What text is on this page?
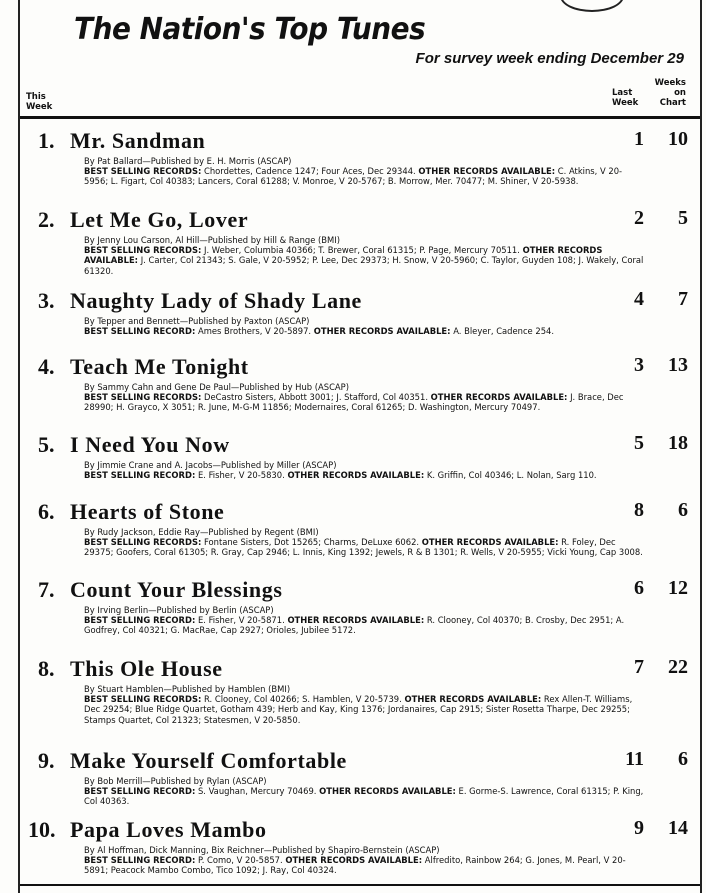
The Nation's Top Tunes
For survey week ending December 29
This Week
Last Week
Weeks on Chart
1. Mr. Sandman	1 10
By Pat Ballard—Published by E. H. Morris (ASCAP)
BEST SELLING RECORDS: Chordettes, Cadence 1247; Four Aces, Dec 29344. OTHER RECORDS AVAILABLE: C. Atkins, V 20-5956; L. Figart, Col 40383; Lancers, Coral 61288; V. Monroe, V 20-5767; B. Morrow, Mer. 70477; M. Shiner, V 20-5938.
2. Let Me Go, Lover	2 5
By Jenny Lou Carson, Al Hill—Published by Hill & Range (BMI)
BEST SELLING RECORDS: J. Weber, Columbia 40366; T. Brewer, Coral 61315; P. Page, Mercury 70511. OTHER RECORDS AVAILABLE: J. Carter, Col 21343; S. Gale, V 20-5952; P. Lee, Dec 29373; H. Snow, V 20-5960; C. Taylor, Guyden 108; J. Wakely, Coral 61320.
3. Naughty Lady of Shady Lane	4 7
By Tepper and Bennett—Published by Paxton (ASCAP)
BEST SELLING RECORD: Ames Brothers, V 20-5897. OTHER RECORDS AVAILABLE: A. Bleyer, Cadence 254.
4. Teach Me Tonight	3 13
By Sammy Cahn and Gene De Paul—Published by Hub (ASCAP)
BEST SELLING RECORDS: DeCastro Sisters, Abbott 3001; J. Stafford, Col 40351. OTHER RECORDS AVAILABLE: J. Brace, Dec 28990; H. Grayco, X 3051; R. June, M-G-M 11856; Modernaires, Coral 61265; D. Washington, Mercury 70497.
5. I Need You Now	5 18
By Jimmie Crane and A. Jacobs—Published by Miller (ASCAP)
BEST SELLING RECORD: E. Fisher, V 20-5830. OTHER RECORDS AVAILABLE: K. Griffin, Col 40346; L. Nolan, Sarg 110.
6. Hearts of Stone	8 6
By Rudy Jackson, Eddie Ray—Published by Regent (BMI)
BEST SELLING RECORDS: Fontane Sisters, Dot 15265; Charms, DeLuxe 6062. OTHER RECORDS AVAILABLE: R. Foley, Dec 29375; Goofers, Coral 61305; R. Gray, Cap 2946; L. Innis, King 1392; Jewels, R & B 1301; R. Wells, V 20-5955; Vicki Young, Cap 3008.
7. Count Your Blessings	6 12
By Irving Berlin—Published by Berlin (ASCAP)
BEST SELLING RECORD: E. Fisher, V 20-5871. OTHER RECORDS AVAILABLE: R. Clooney, Col 40370; B. Crosby, Dec 2951; A. Godfrey, Col 40321; G. MacRae, Cap 2927; Orioles, Jubilee 5172.
8. This Ole House	7 22
By Stuart Hamblen—Published by Hamblen (BMI)
BEST SELLING RECORDS: R. Clooney, Col 40266; S. Hamblen, V 20-5739. OTHER RECORDS AVAILABLE: Rex Allen-T. Williams, Dec 29254; Blue Ridge Quartet, Gotham 439; Herb and Kay, King 1376; Jordanaires, Cap 2915; Sister Rosetta Tharpe, Dec 29255; Stamps Quartet, Col 21323; Statesmen, V 20-5850.
9. Make Yourself Comfortable	11 6
By Bob Merrill—Published by Rylan (ASCAP)
BEST SELLING RECORD: S. Vaughan, Mercury 70469. OTHER RECORDS AVAILABLE: E. Gorme-S. Lawrence, Coral 61315; P. King, Col 40363.
10. Papa Loves Mambo	9 14
By Al Hoffman, Dick Manning, Bix Reichner—Published by Shapiro-Bernstein (ASCAP)
BEST SELLING RECORD: P. Como, V 20-5857. OTHER RECORDS AVAILABLE: Alfredito, Rainbow 264; G. Jones, M. Pearl, V 20-5891; Peacock Mambo Combo, Tico 1092; J. Ray, Col 40324.
